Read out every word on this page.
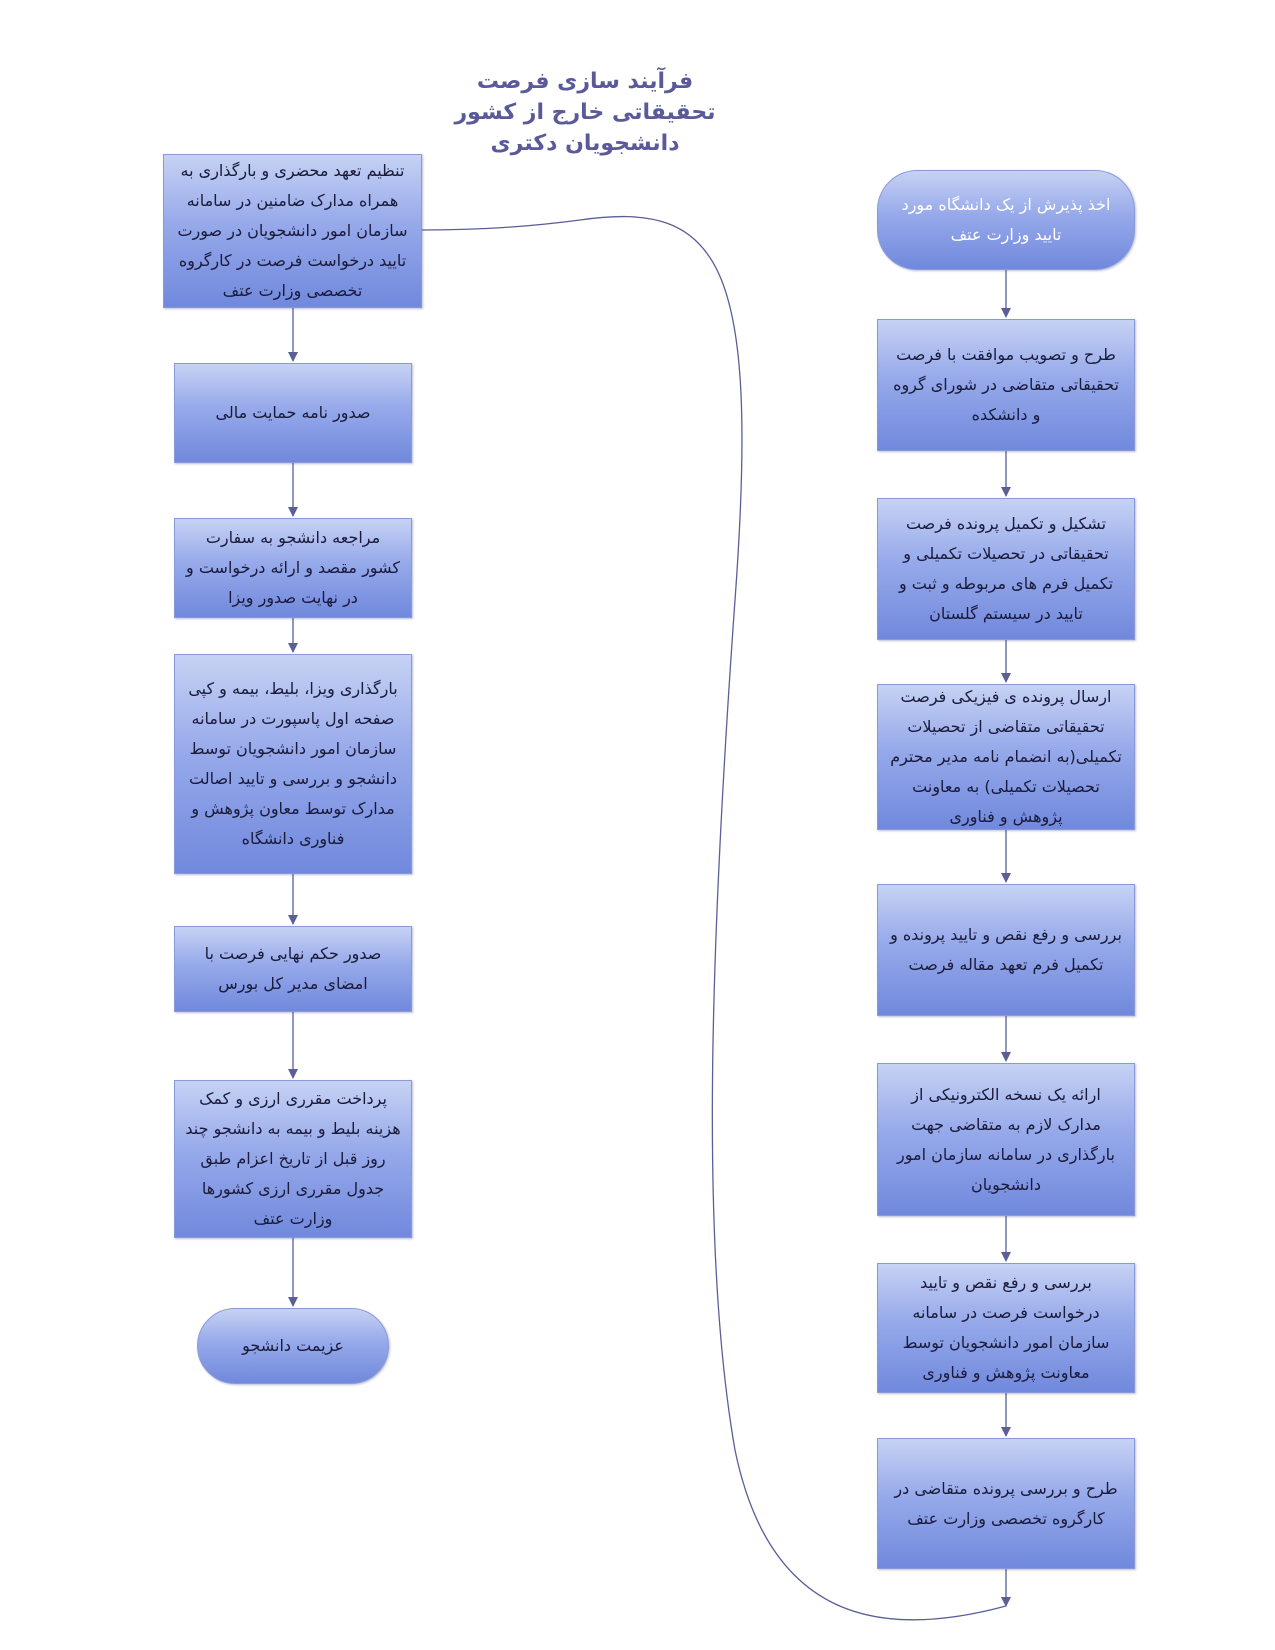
فرآیند سازی فرصت
تحقیقاتی خارج از کشور
دانشجویان دکتری
اخذ پذیرش از یک دانشگاه مورد تایید وزارت عتف
طرح و تصویب موافقت با فرصت تحقیقاتی متقاضی در شورای گروه و دانشکده
تشکیل و تکمیل پرونده فرصت تحقیقاتی در تحصیلات تکمیلی و تکمیل فرم های مربوطه و ثبت و تایید در سیستم گلستان
ارسال پرونده ی فیزیکی فرصت تحقیقاتی متقاضی از تحصیلات تکمیلی(به انضمام نامه مدیر محترم تحصیلات تکمیلی) به معاونت پژوهش و فناوری
بررسی و رفع نقص و تایید پرونده و تکمیل فرم تعهد مقاله فرصت
ارائه یک نسخه الکترونیکی از مدارک لازم به متقاضی جهت بارگذاری در سامانه سازمان امور دانشجویان
بررسی و رفع نقص و تایید درخواست فرصت در سامانه سازمان امور دانشجویان توسط معاونت پژوهش و فناوری
طرح و بررسی پرونده متقاضی در کارگروه تخصصی وزارت عتف
تنظیم تعهد محضری و بارگذاری به همراه مدارک ضامنین در سامانه سازمان امور دانشجویان در صورت تایید درخواست فرصت در کارگروه تخصصی وزارت عتف
صدور نامه حمایت مالی
مراجعه دانشجو به سفارت کشور مقصد و ارائه درخواست و در نهایت صدور ویزا
بارگذاری ویزا، بلیط، بیمه و کپی صفحه اول پاسپورت در سامانه سازمان امور دانشجویان توسط دانشجو و بررسی و تایید اصالت مدارک توسط معاون پژوهش و فناوری دانشگاه
صدور حکم نهایی فرصت با امضای مدیر کل بورس
پرداخت مقرری ارزی و کمک هزینه بلیط و بیمه به دانشجو چند روز قبل از تاریخ اعزام طبق جدول مقرری ارزی کشورها وزارت عتف
عزیمت دانشجو
